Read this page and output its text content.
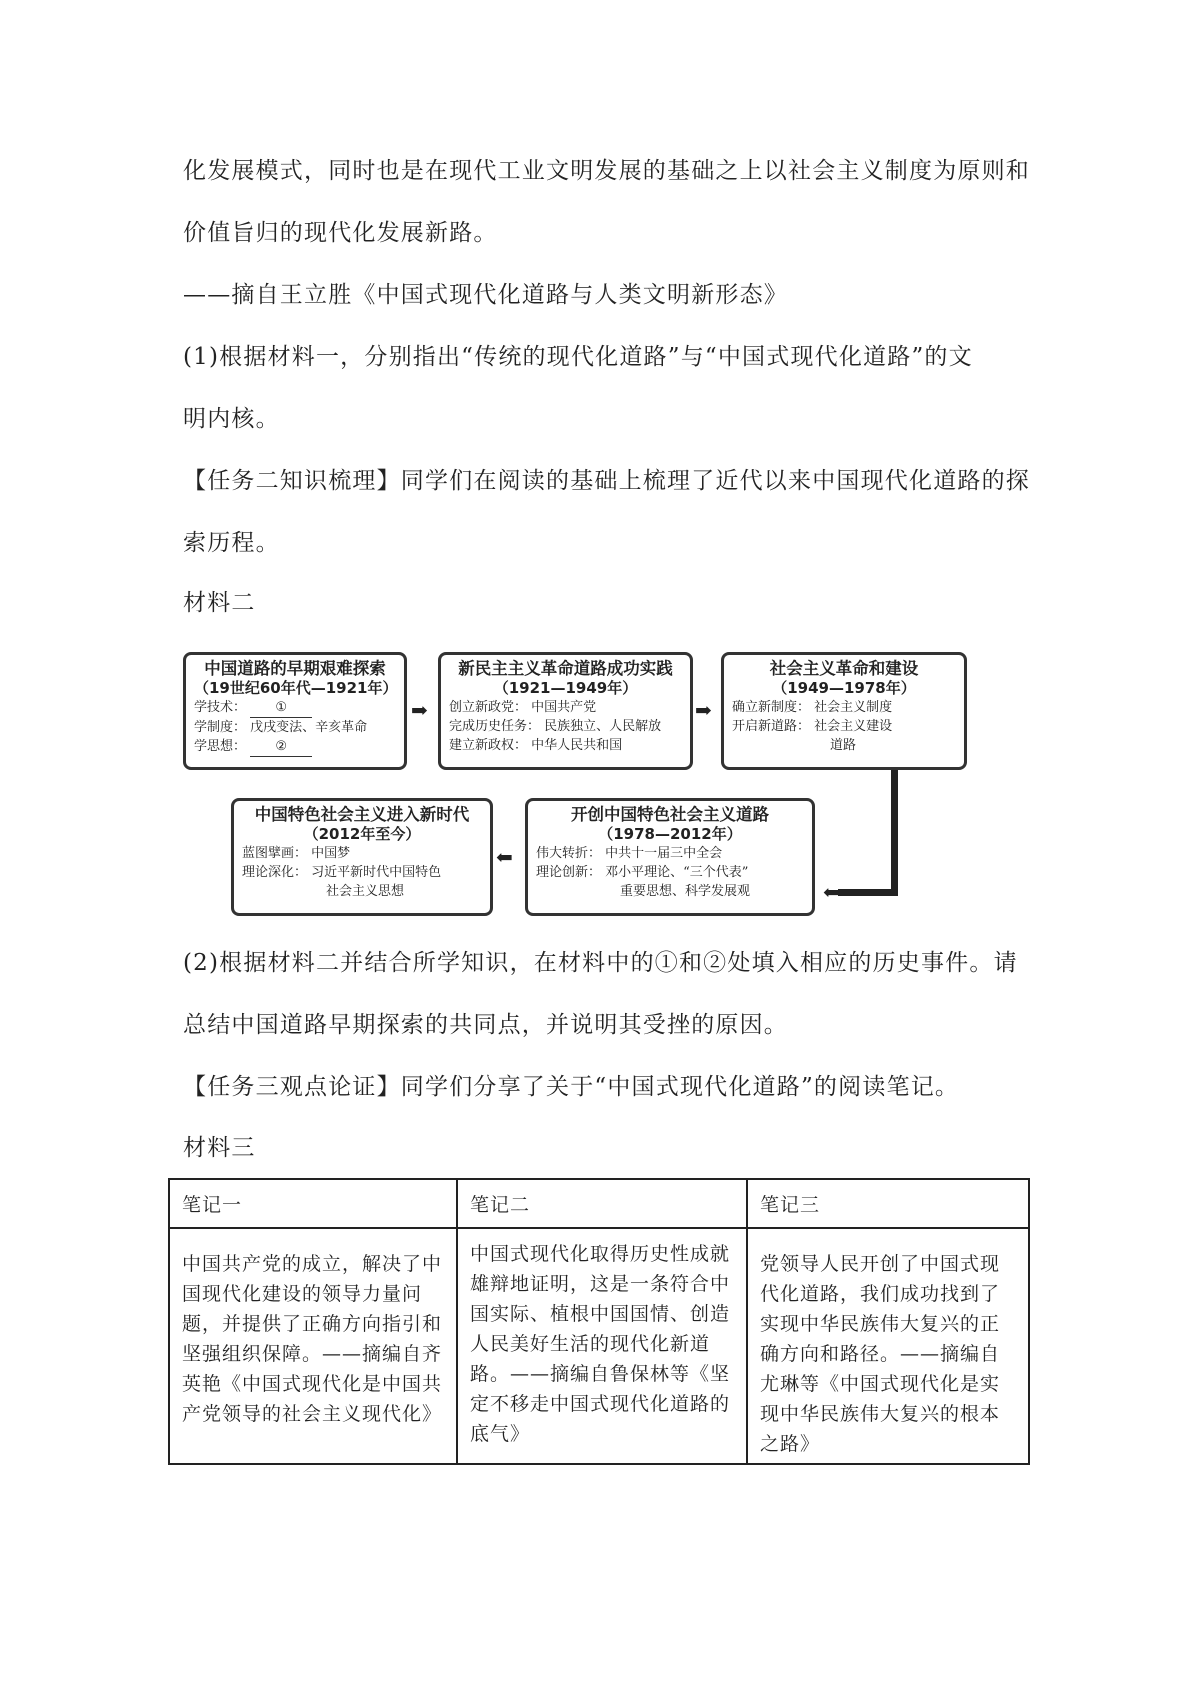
化发展模式，同时也是在现代工业文明发展的基础之上以社会主义制度为原则和

价值旨归的现代化发展新路。

——摘自王立胜《中国式现代化道路与人类文明新形态》

(1)根据材料一，分别指出“传统的现代化道路”与“中国式现代化道路”的文

明内核。

【任务二知识梳理】同学们在阅读的基础上梳理了近代以来中国现代化道路的探

索历程。

材料二

中国道路的早期艰难探索
（19世纪60年代—1921年）
学技术： ①
学制度： 戊戌变法、辛亥革命
学思想： ②
➡
新民主主义革命道路成功实践
（1921—1949年）
创立新政党： 中国共产党
完成历史任务： 民族独立、人民解放
建立新政权： 中华人民共和国
➡
社会主义革命和建设
（1949—1978年）
确立新制度： 社会主义制度
开启新道路： 社会主义建设
道路
⬅
开创中国特色社会主义道路
（1978—2012年）
伟大转折： 中共十一届三中全会
理论创新： 邓小平理论、“三个代表”
重要思想、科学发展观
⬅
中国特色社会主义进入新时代
（2012年至今）
蓝图擘画： 中国梦
理论深化： 习近平新时代中国特色
社会主义思想

(2)根据材料二并结合所学知识，在材料中的①和②处填入相应的历史事件。请

总结中国道路早期探索的共同点，并说明其受挫的原因。

【任务三观点论证】同学们分享了关于“中国式现代化道路”的阅读笔记。

材料三

笔记一	笔记二	笔记三
中国共产党的成立，解决了中国现代化建设的领导力量问题，并提供了正确方向指引和坚强组织保障。——摘编自齐英艳《中国式现代化是中国共产党领导的社会主义现代化》	中国式现代化取得历史性成就雄辩地证明，这是一条符合中国实际、植根中国国情、创造人民美好生活的现代化新道路。——摘编自鲁保林等《坚定不移走中国式现代化道路的底气》	党领导人民开创了中国式现代化道路，我们成功找到了实现中华民族伟大复兴的正确方向和路径。——摘编自尤琳等《中国式现代化是实现中华民族伟大复兴的根本之路》
